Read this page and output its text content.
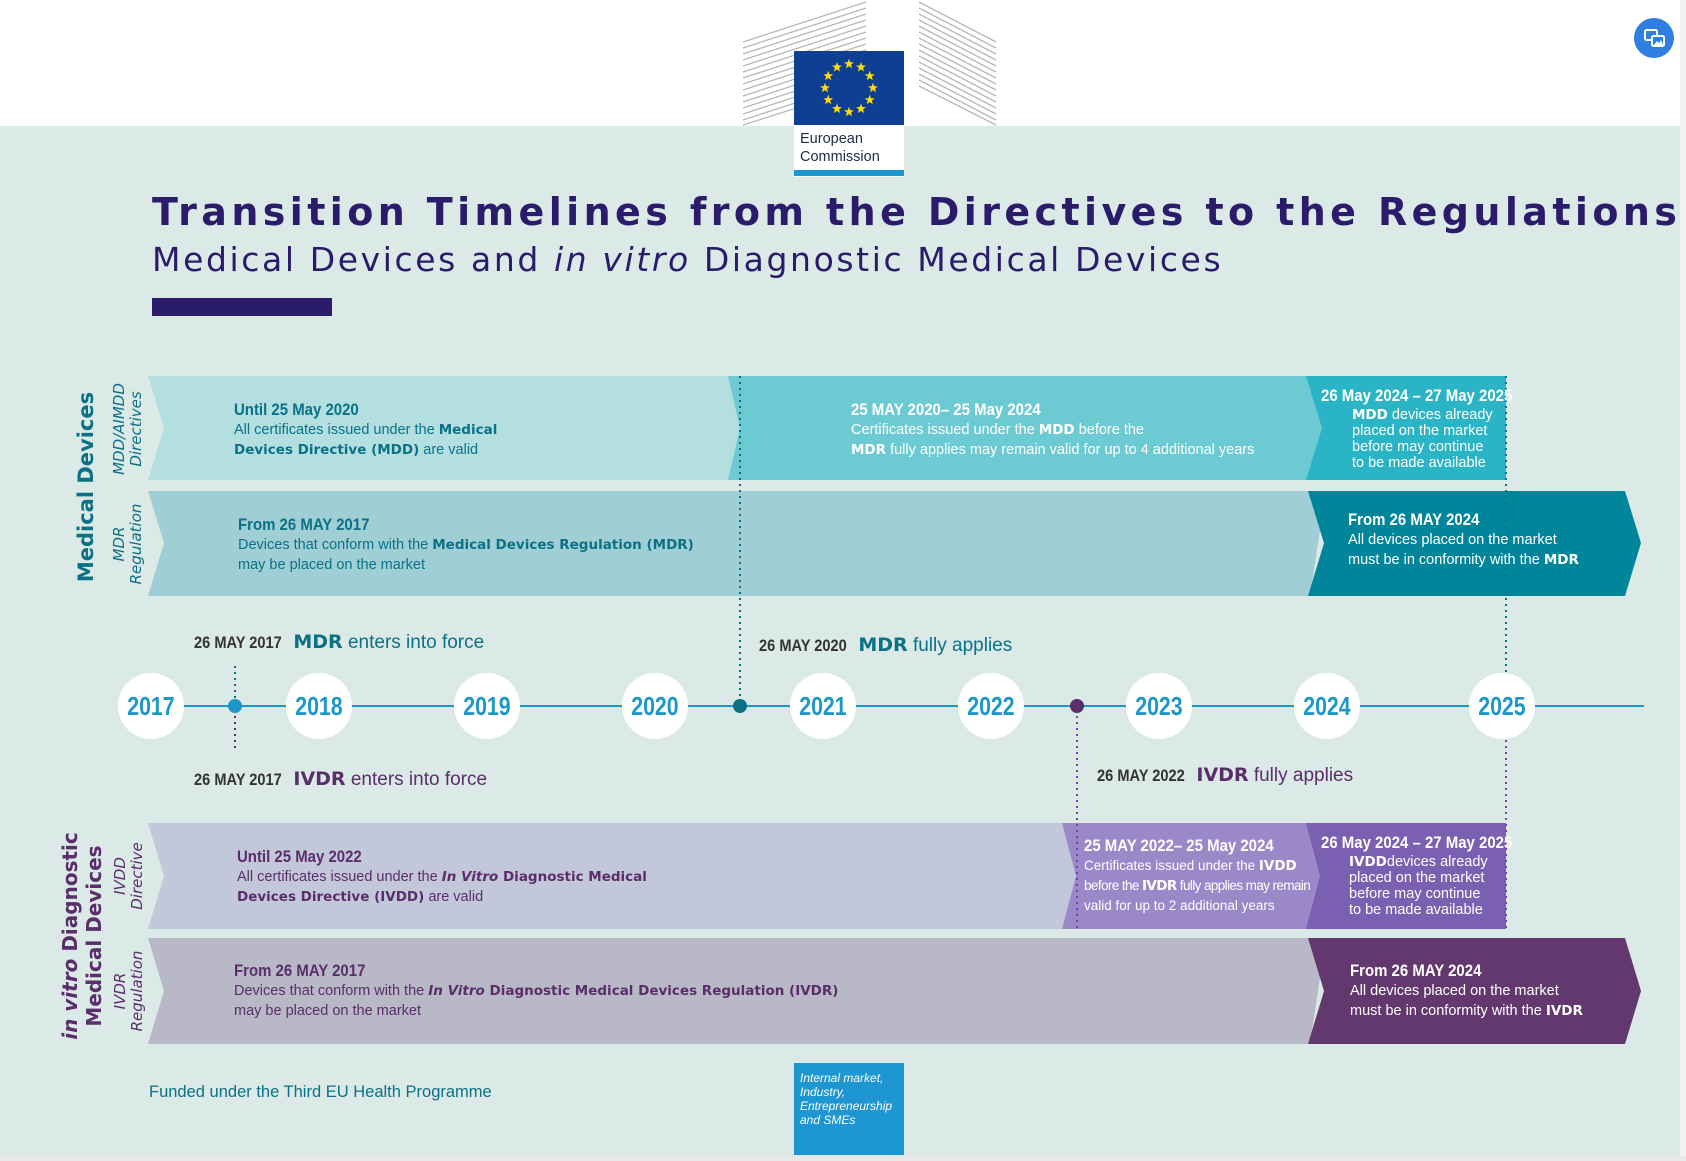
Transition Timelines from the Directives to the Regulations
Medical Devices and in vitro Diagnostic Medical Devices
European
Commission
Medical Devices MDD/AIMDD Directives
MDR Regulation
in vitro Diagnostic Medical Devices IVDD Directive
IVDR Regulation
Until 25 May 2020
All certificates issued under the Medical
Devices Directive (MDD) are valid
25 MAY 2020– 25 May 2024
Certificates issued under the MDD before the
MDR fully applies may remain valid for up to 4 additional years
26 May 2024 – 27 May 2025
MDD devices already
placed on the market
before may continue
to be made available
From 26 MAY 2017
Devices that conform with the Medical Devices Regulation (MDR)
may be placed on the market
From 26 MAY 2024
All devices placed on the market
must be in conformity with the MDR
26 MAY 2017 MDR enters into force	26 MAY 2020 MDR fully applies
26 MAY 2017 IVDR enters into force	26 MAY 2022 IVDR fully applies
2017	2018	2019	2020	2021	2022	2023	2024	2025
Until 25 May 2022
All certificates issued under the In Vitro Diagnostic Medical
Devices Directive (IVDD) are valid
25 MAY 2022– 25 May 2024
Certificates issued under the IVDD
before the IVDR fully applies may remain
valid for up to 2 additional years
26 May 2024 – 27 May 2025
IVDDdevices already
placed on the market
before may continue
to be made available
From 26 MAY 2017
Devices that conform with the In Vitro Diagnostic Medical Devices Regulation (IVDR)
may be placed on the market
From 26 MAY 2024
All devices placed on the market
must be in conformity with the IVDR
Funded under the Third EU Health Programme
Internal market,
Industry,
Entrepreneurship
and SMEs
